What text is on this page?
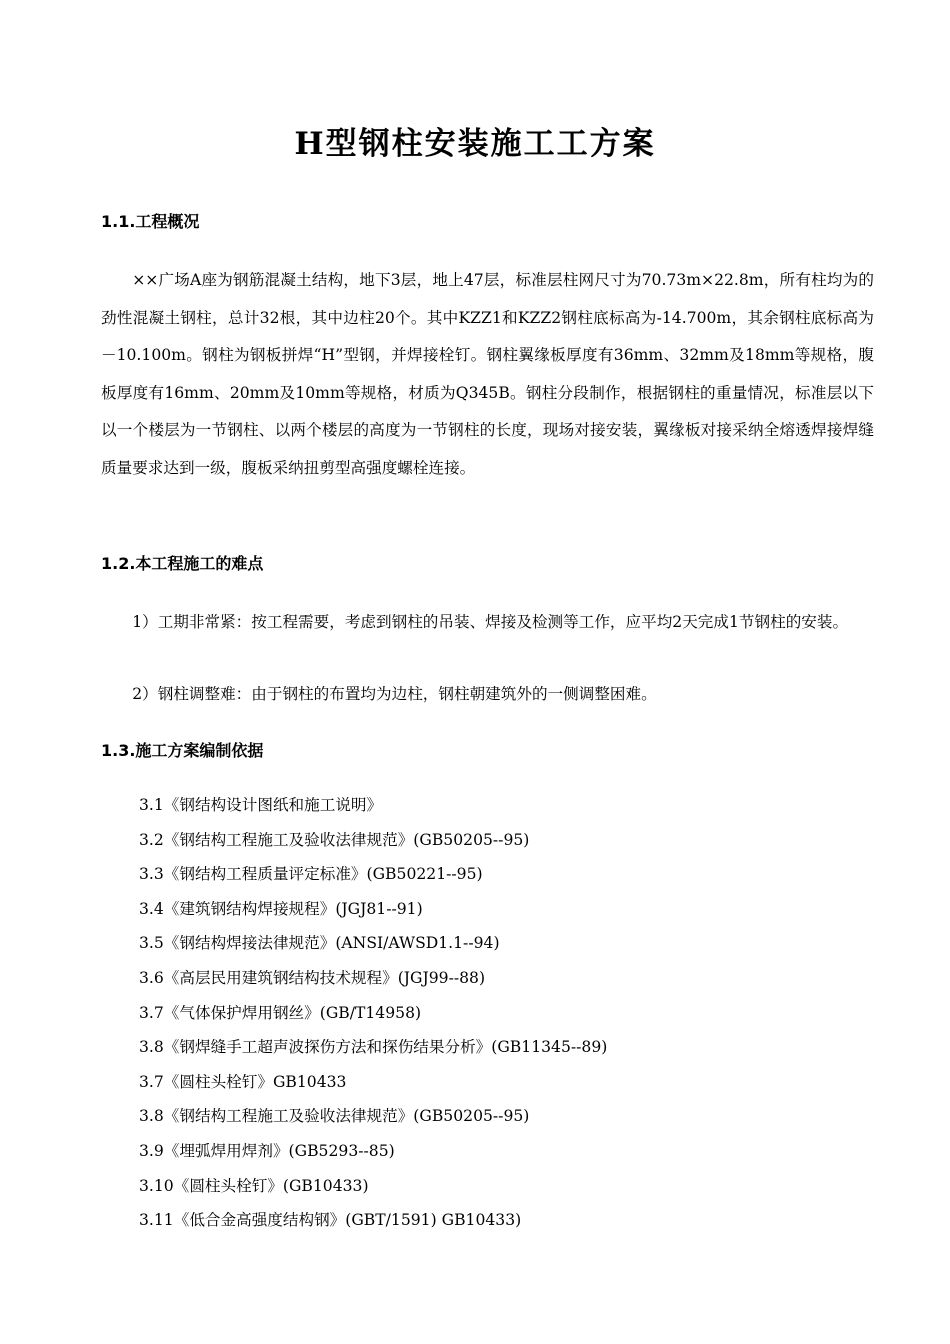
H型钢柱安装施工工方案
1.1.工程概况

××广场A座为钢筋混凝土结构，地下3层，地上47层，标准层柱网尺寸为70.73m×22.8m，所有柱均为的劲性混凝土钢柱，总计32根，其中边柱20个。其中KZZ1和KZZ2钢柱底标高为-14.700m，其余钢柱底标高为－10.100m。钢柱为钢板拼焊“H”型钢，并焊接栓钉。钢柱翼缘板厚度有36mm、32mm及18mm等规格，腹板厚度有16mm、20mm及10mm等规格，材质为Q345B。钢柱分段制作，根据钢柱的重量情况，标准层以下以一个楼层为一节钢柱、以两个楼层的高度为一节钢柱的长度，现场对接安装，翼缘板对接采纳全熔透焊接焊缝质量要求达到一级，腹板采纳扭剪型高强度螺栓连接。

1.2.本工程施工的难点

1）工期非常紧：按工程需要，考虑到钢柱的吊装、焊接及检测等工作，应平均2天完成1节钢柱的安装。

2）钢柱调整难：由于钢柱的布置均为边柱，钢柱朝建筑外的一侧调整困难。

1.3.施工方案编制依据
3.1《钢结构设计图纸和施工说明》
3.2《钢结构工程施工及验收法律规范》(GB50205--95)
3.3《钢结构工程质量评定标准》(GB50221--95)
3.4《建筑钢结构焊接规程》(JGJ81--91)
3.5《钢结构焊接法律规范》(ANSI/AWSD1.1--94)
3.6《高层民用建筑钢结构技术规程》(JGJ99--88)
3.7《气体保护焊用钢丝》(GB/T14958)
3.8《钢焊缝手工超声波探伤方法和探伤结果分析》(GB11345--89)
3.7《圆柱头栓钉》GB10433
3.8《钢结构工程施工及验收法律规范》(GB50205--95)
3.9《埋弧焊用焊剂》(GB5293--85)
3.10《圆柱头栓钉》(GB10433)
3.11《低合金高强度结构钢》(GBT/1591) GB10433)
